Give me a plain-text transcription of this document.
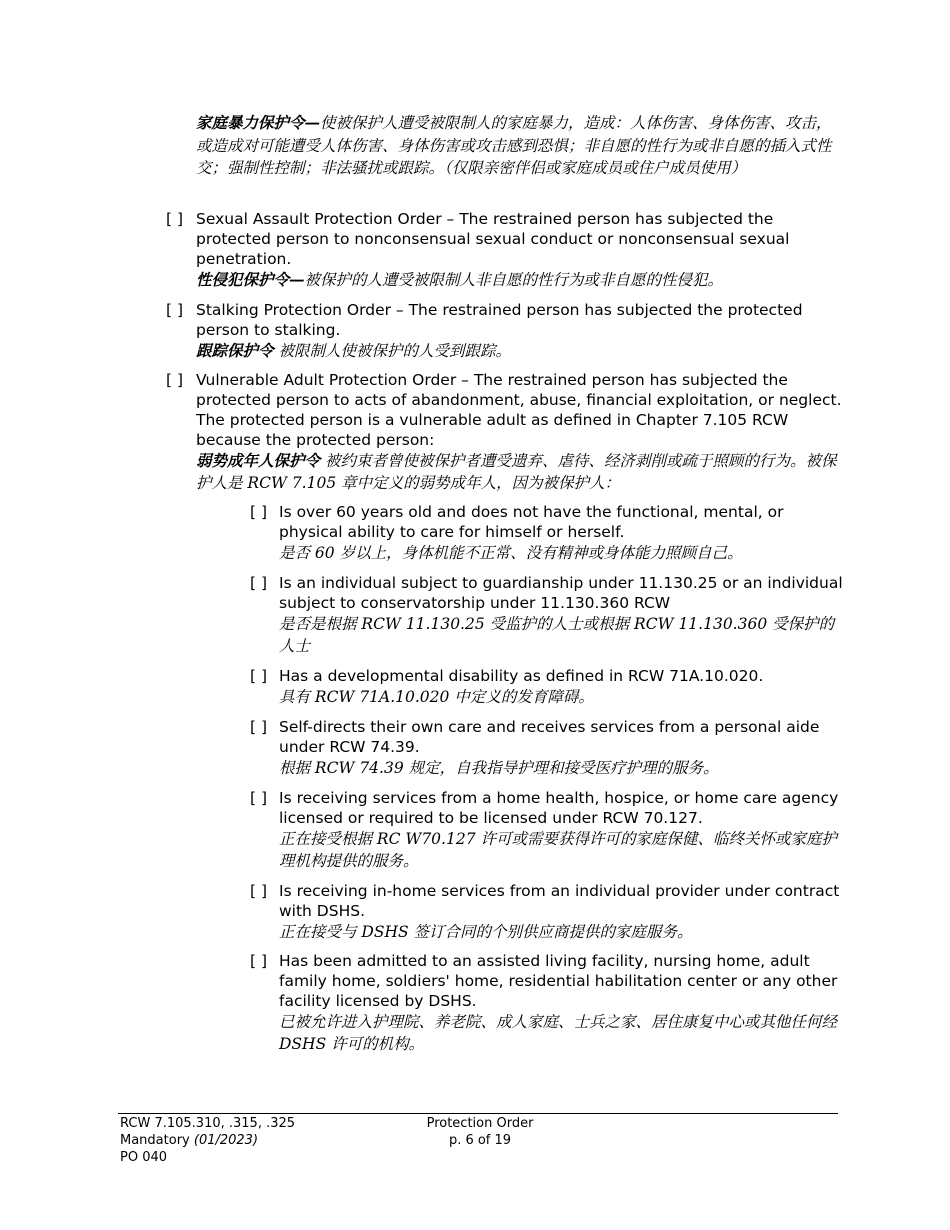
家庭暴力保护令—使被保护人遭受被限制人的家庭暴力，造成：人体伤害、身体伤害、攻击，或造成对可能遭受人体伤害、身体伤害或攻击感到恐惧；非自愿的性行为或非自愿的插入式性交；强制性控制；非法骚扰或跟踪。（仅限亲密伴侣或家庭成员或住户成员使用）
[ ] Sexual Assault Protection Order – The restrained person has subjected the protected person to nonconsensual sexual conduct or nonconsensual sexual penetration.
性侵犯保护令—被保护的人遭受被限制人非自愿的性行为或非自愿的性侵犯。
[ ] Stalking Protection Order – The restrained person has subjected the protected person to stalking.
跟踪保护令 被限制人使被保护的人受到跟踪。
[ ] Vulnerable Adult Protection Order – The restrained person has subjected the protected person to acts of abandonment, abuse, financial exploitation, or neglect. The protected person is a vulnerable adult as defined in Chapter 7.105 RCW because the protected person:
弱势成年人保护令 被约束者曾使被保护者遭受遗弃、虐待、经济剥削或疏于照顾的行为。被保护人是 RCW 7.105 章中定义的弱势成年人，因为被保护人：
[ ] Is over 60 years old and does not have the functional, mental, or physical ability to care for himself or herself.
是否 60 岁以上，身体机能不正常、没有精神或身体能力照顾自己。
[ ] Is an individual subject to guardianship under 11.130.25 or an individual subject to conservatorship under 11.130.360 RCW
是否是根据 RCW 11.130.25 受监护的人士或根据 RCW 11.130.360 受保护的人士
[ ] Has a developmental disability as defined in RCW 71A.10.020.
具有 RCW 71A.10.020 中定义的发育障碍。
[ ] Self-directs their own care and receives services from a personal aide under RCW 74.39.
根据 RCW 74.39 规定，自我指导护理和接受医疗护理的服务。
[ ] Is receiving services from a home health, hospice, or home care agency licensed or required to be licensed under RCW 70.127.
正在接受根据 RC W70.127 许可或需要获得许可的家庭保健、临终关怀或家庭护理机构提供的服务。
[ ] Is receiving in-home services from an individual provider under contract with DSHS.
正在接受与 DSHS 签订合同的个别供应商提供的家庭服务。
[ ] Has been admitted to an assisted living facility, nursing home, adult family home, soldiers' home, residential habilitation center or any other facility licensed by DSHS.
已被允许进入护理院、养老院、成人家庭、士兵之家、居住康复中心或其他任何经 DSHS 许可的机构。
RCW 7.105.310, .315, .325
Mandatory (01/2023)
PO 040
Protection Order
p. 6 of 19
